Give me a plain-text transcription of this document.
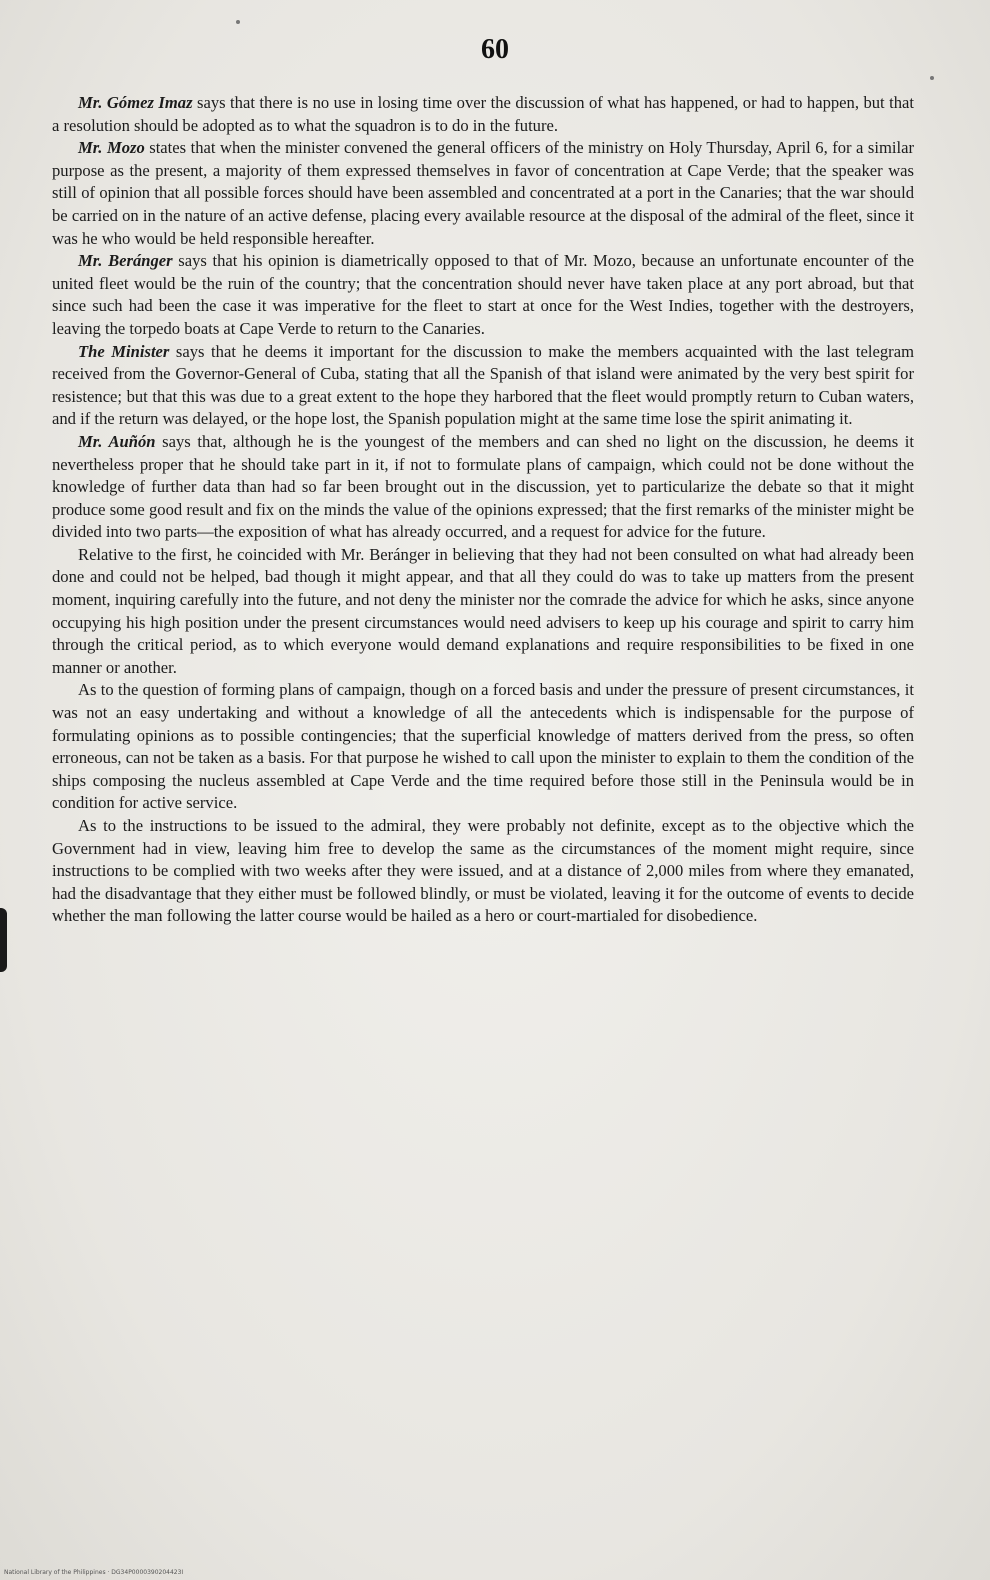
60

Mr. Gómez Imaz says that there is no use in losing time over the discussion of what has happened, or had to happen, but that a resolution should be adopted as to what the squadron is to do in the future.

Mr. Mozo states that when the minister convened the general officers of the ministry on Holy Thursday, April 6, for a similar purpose as the present, a majority of them expressed themselves in favor of concentration at Cape Verde; that the speaker was still of opinion that all possible forces should have been assembled and concentrated at a port in the Canaries; that the war should be carried on in the nature of an active defense, placing every available resource at the disposal of the admiral of the fleet, since it was he who would be held responsible hereafter.

Mr. Beránger says that his opinion is diametrically opposed to that of Mr. Mozo, because an unfortunate encounter of the united fleet would be the ruin of the country; that the concentration should never have taken place at any port abroad, but that since such had been the case it was imperative for the fleet to start at once for the West Indies, together with the destroyers, leaving the torpedo boats at Cape Verde to return to the Canaries.

The Minister says that he deems it important for the discussion to make the members acquainted with the last telegram received from the Governor-General of Cuba, stating that all the Spanish of that island were animated by the very best spirit for resistence; but that this was due to a great extent to the hope they harbored that the fleet would promptly return to Cuban waters, and if the return was delayed, or the hope lost, the Spanish population might at the same time lose the spirit animating it.

Mr. Auñón says that, although he is the youngest of the members and can shed no light on the discussion, he deems it nevertheless proper that he should take part in it, if not to formulate plans of campaign, which could not be done without the knowledge of further data than had so far been brought out in the discussion, yet to particularize the debate so that it might produce some good result and fix on the minds the value of the opinions expressed; that the first remarks of the minister might be divided into two parts—the exposition of what has already occurred, and a request for advice for the future.

Relative to the first, he coincided with Mr. Beránger in believing that they had not been consulted on what had already been done and could not be helped, bad though it might appear, and that all they could do was to take up matters from the present moment, inquiring carefully into the future, and not deny the minister nor the comrade the advice for which he asks, since anyone occupying his high position under the present circumstances would need advisers to keep up his courage and spirit to carry him through the critical period, as to which everyone would demand explanations and require responsibilities to be fixed in one manner or another.

As to the question of forming plans of campaign, though on a forced basis and under the pressure of present circumstances, it was not an easy undertaking and without a knowledge of all the antecedents which is indispensable for the purpose of formulating opinions as to possible contingencies; that the superficial knowledge of matters derived from the press, so often erroneous, can not be taken as a basis. For that purpose he wished to call upon the minister to explain to them the condition of the ships composing the nucleus assembled at Cape Verde and the time required before those still in the Peninsula would be in condition for active service.

As to the instructions to be issued to the admiral, they were probably not definite, except as to the objective which the Government had in view, leaving him free to develop the same as the circumstances of the moment might require, since instructions to be complied with two weeks after they were issued, and at a distance of 2,000 miles from where they emanated, had the disadvantage that they either must be followed blindly, or must be violated, leaving it for the outcome of events to decide whether the man following the latter course would be hailed as a hero or court-martialed for disobedience.

National Library of the Philippines · DG34P0000390204423I
